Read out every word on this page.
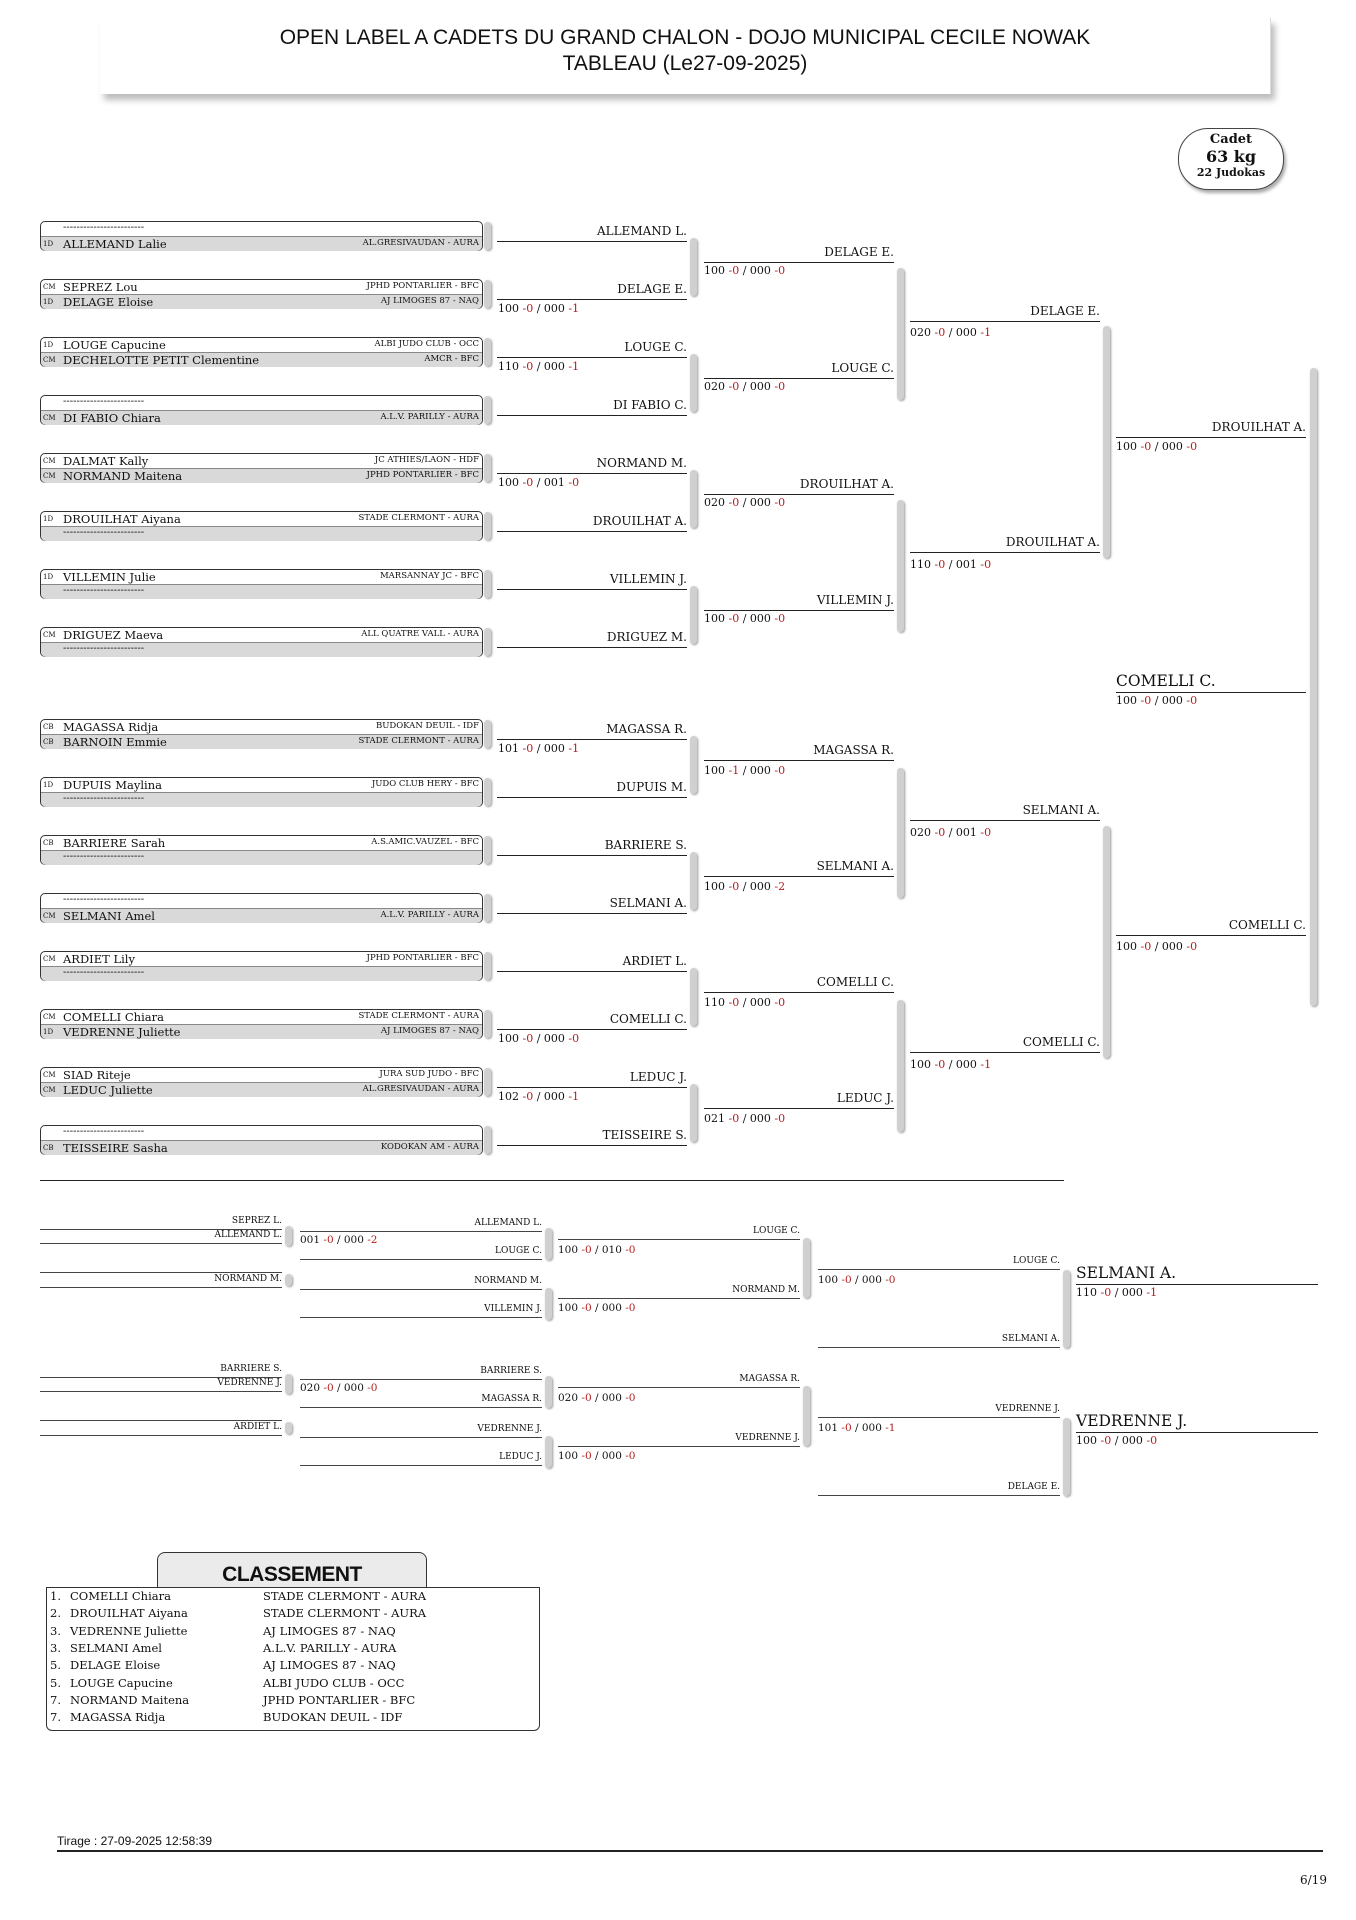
OPEN LABEL A CADETS DU GRAND CHALON - DOJO MUNICIPAL CECILE NOWAK
TABLEAU (Le27-09-2025)
Cadet
63 kg
22 Judokas
------------------------
1D ALLEMAND Lalie	AL.GRESIVAUDAN - AURA
CM SEPREZ Lou	JPHD PONTARLIER - BFC
1D DELAGE Eloise	AJ LIMOGES 87 - NAQ
1D LOUGE Capucine	ALBI JUDO CLUB - OCC
CM DECHELOTTE PETIT Clementine	AMCR - BFC
------------------------
CM DI FABIO Chiara	A.L.V. PARILLY - AURA
CM DALMAT Kally	JC ATHIES/LAON - HDF
CM NORMAND Maitena	JPHD PONTARLIER - BFC
1D DROUILHAT Aiyana	STADE CLERMONT - AURA
------------------------
1D VILLEMIN Julie	MARSANNAY JC - BFC
------------------------
CM DRIGUEZ Maeva	ALL QUATRE VALL - AURA
------------------------
CB MAGASSA Ridja	BUDOKAN DEUIL - IDF
CB BARNOIN Emmie	STADE CLERMONT - AURA
1D DUPUIS Maylina	JUDO CLUB HERY - BFC
------------------------
CB BARRIERE Sarah	A.S.AMIC.VAUZEL - BFC
------------------------
------------------------
CM SELMANI Amel	A.L.V. PARILLY - AURA
CM ARDIET Lily	JPHD PONTARLIER - BFC
------------------------
CM COMELLI Chiara	STADE CLERMONT - AURA
1D VEDRENNE Juliette	AJ LIMOGES 87 - NAQ
CM SIAD Riteje	JURA SUD JUDO - BFC
CM LEDUC Juliette	AL.GRESIVAUDAN - AURA
------------------------
CB TEISSEIRE Sasha	KODOKAN AM - AURA
ALLEMAND L.
DELAGE E.
100 -0 / 000 -1
LOUGE C.
110 -0 / 000 -1
DI FABIO C.
NORMAND M.
100 -0 / 001 -0
DROUILHAT A.
VILLEMIN J.
DRIGUEZ M.
MAGASSA R.
101 -0 / 000 -1
DUPUIS M.
BARRIERE S.
SELMANI A.
ARDIET L.
COMELLI C.
100 -0 / 000 -0
LEDUC J.
102 -0 / 000 -1
TEISSEIRE S.
DELAGE E.
100 -0 / 000 -0
LOUGE C.
020 -0 / 000 -0
DROUILHAT A.
020 -0 / 000 -0
VILLEMIN J.
100 -0 / 000 -0
MAGASSA R.
100 -1 / 000 -0
SELMANI A.
100 -0 / 000 -2
COMELLI C.
110 -0 / 000 -0
LEDUC J.
021 -0 / 000 -0
DELAGE E.
020 -0 / 000 -1
DROUILHAT A.
110 -0 / 001 -0
SELMANI A.
020 -0 / 001 -0
COMELLI C.
100 -0 / 000 -1
DROUILHAT A.
100 -0 / 000 -0
COMELLI C.
100 -0 / 000 -0
COMELLI C.
100 -0 / 000 -0
SEPREZ L.
ALLEMAND L.
NORMAND M.
ALLEMAND L.
LOUGE C.
NORMAND M.
VILLEMIN J.
001 -0 / 000 -2
LOUGE C.
NORMAND M.
100 -0 / 010 -0
100 -0 / 000 -0
LOUGE C.
SELMANI A.
100 -0 / 000 -0	SELMANI A.
110 -0 / 000 -1
BARRIERE S.
VEDRENNE J.
ARDIET L.
BARRIERE S.
MAGASSA R.
VEDRENNE J.
LEDUC J.
020 -0 / 000 -0
MAGASSA R.
VEDRENNE J.
020 -0 / 000 -0
100 -0 / 000 -0
VEDRENNE J.
DELAGE E.
101 -0 / 000 -1	VEDRENNE J.
100 -0 / 000 -0
CLASSEMENT
1. COMELLI Chiara	STADE CLERMONT - AURA
2. DROUILHAT Aiyana	STADE CLERMONT - AURA
3. VEDRENNE Juliette	AJ LIMOGES 87 - NAQ
3. SELMANI Amel	A.L.V. PARILLY - AURA
5. DELAGE Eloise	AJ LIMOGES 87 - NAQ
5. LOUGE Capucine	ALBI JUDO CLUB - OCC
7. NORMAND Maitena	JPHD PONTARLIER - BFC
7. MAGASSA Ridja	BUDOKAN DEUIL - IDF
Tirage : 27-09-2025 12:58:39
6/19
